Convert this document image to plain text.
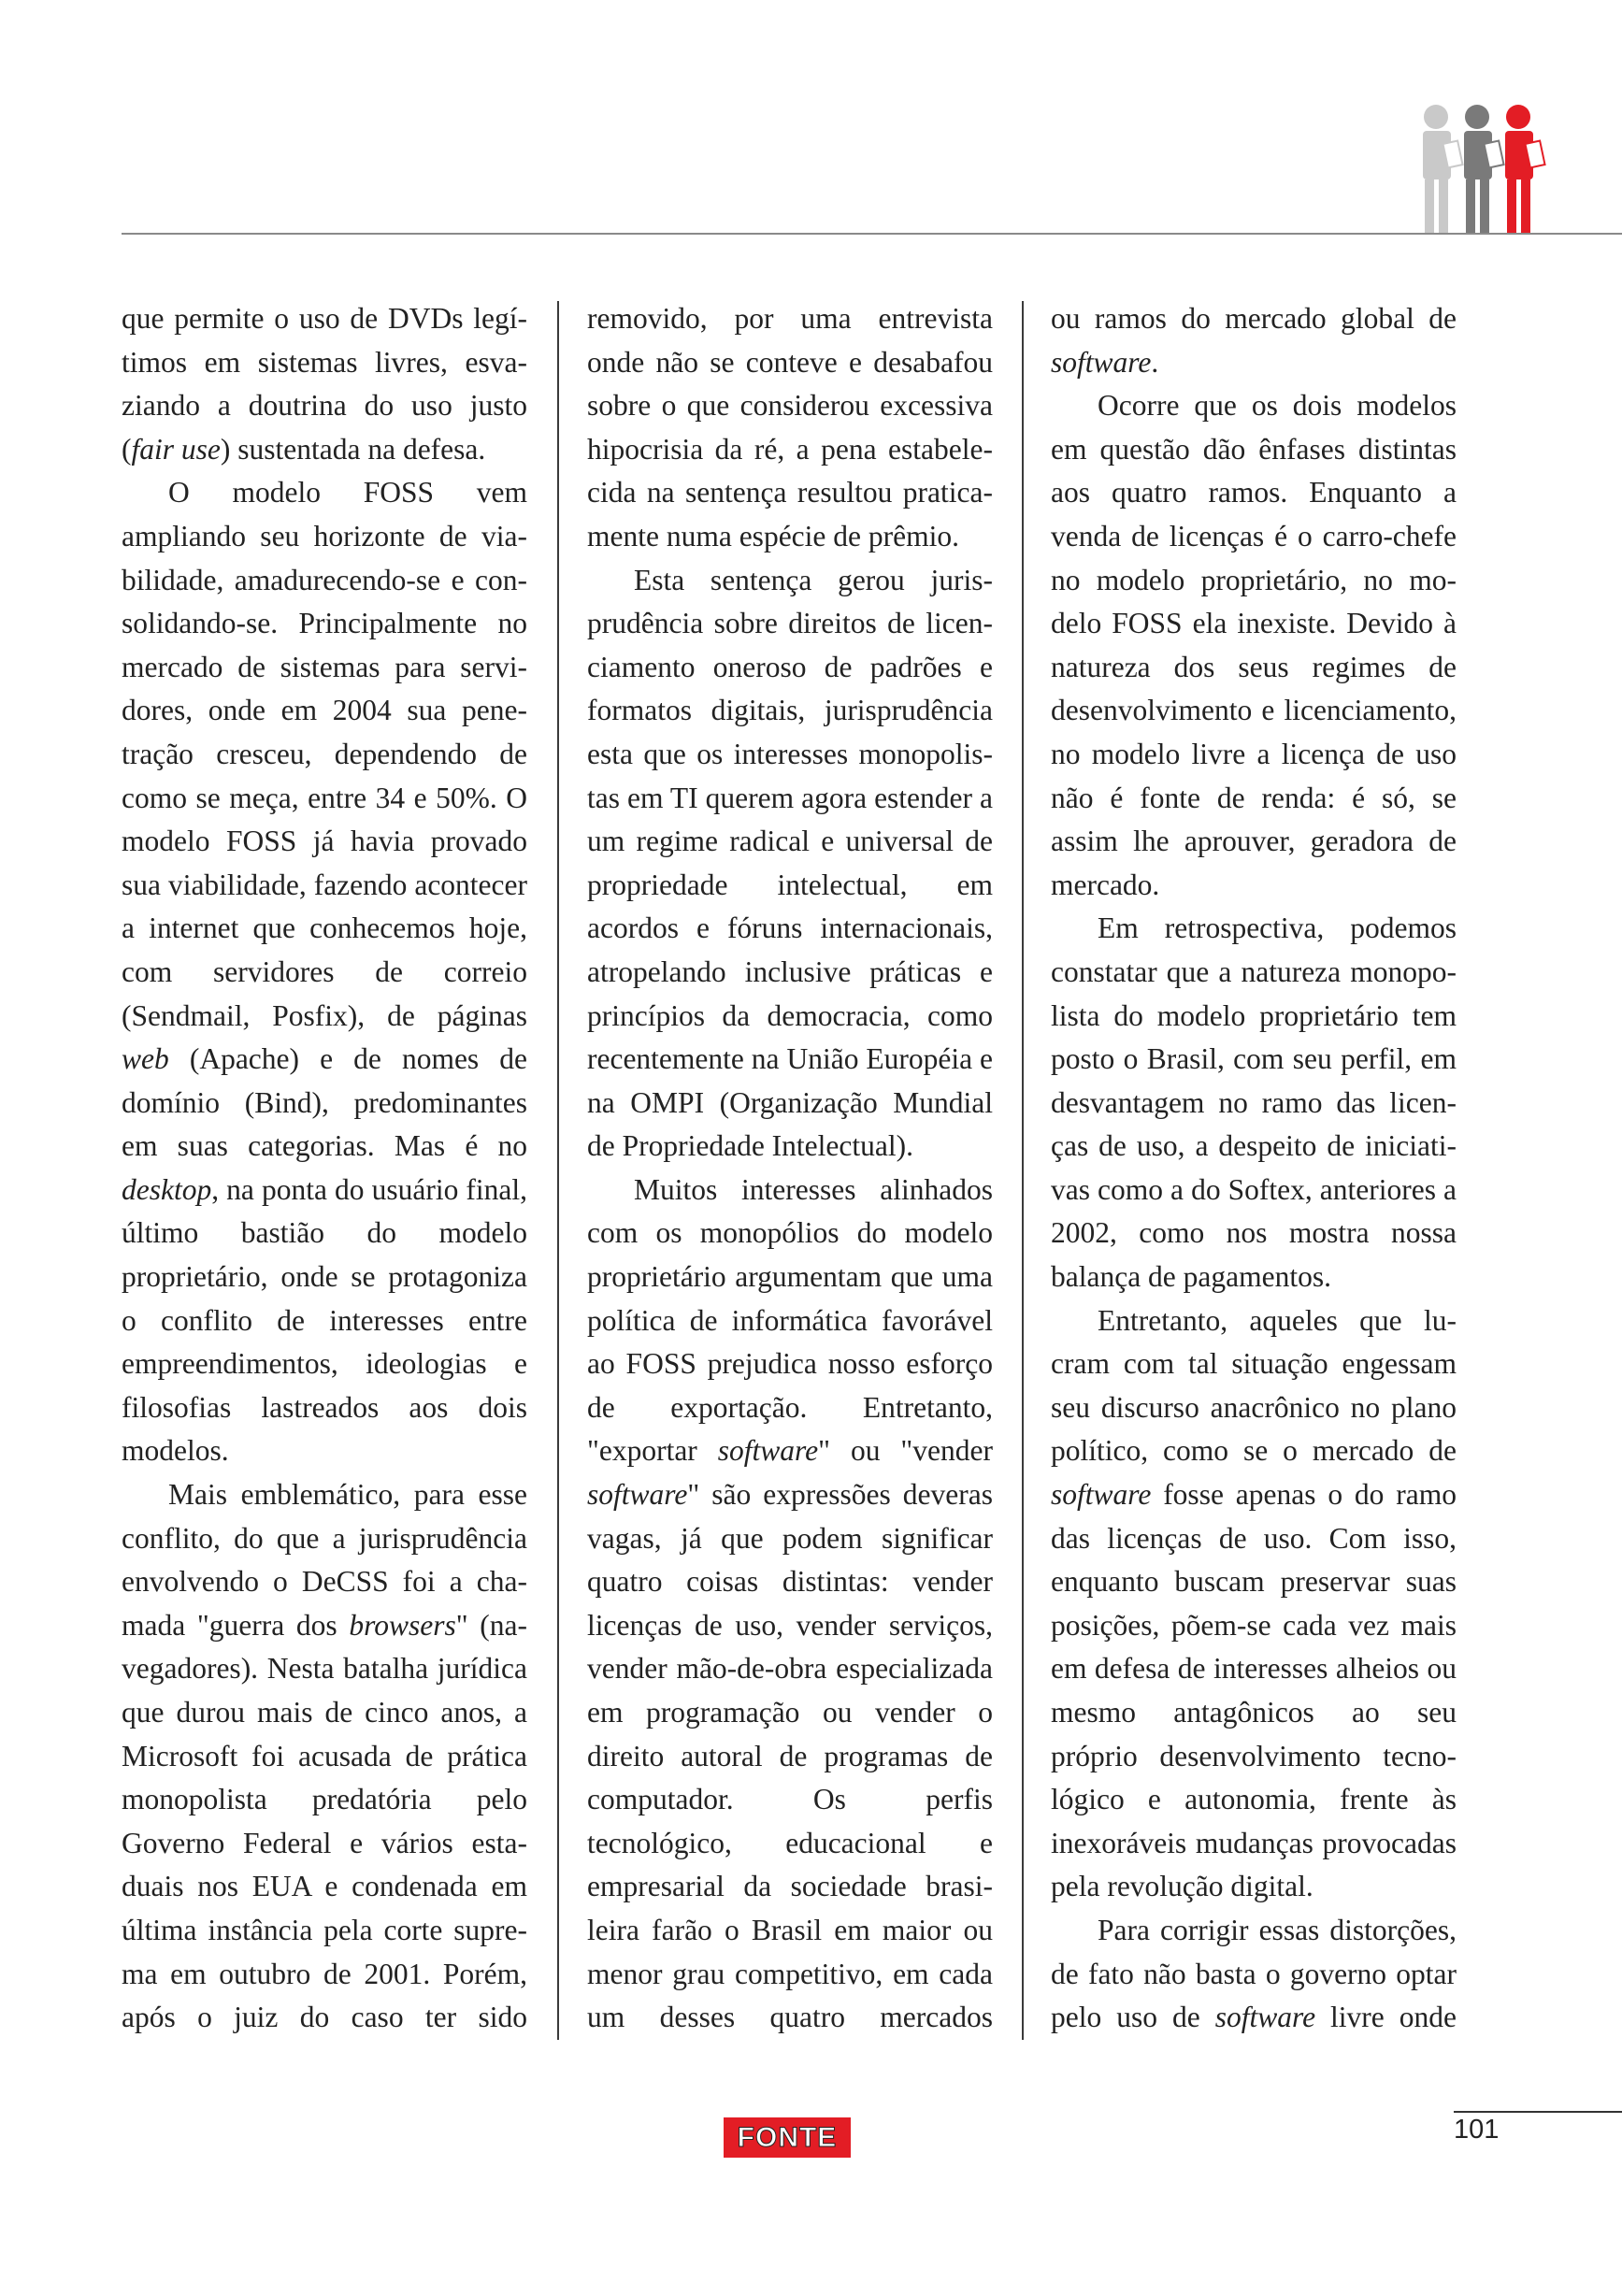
que permite o uso de DVDs legítimos em sistemas livres, esvaziando a doutrina do uso justo (fair use) sustentada na defesa.

O modelo FOSS vem ampliando seu horizonte de viabilidade, amadurecendo-se e consolidando-se. Principalmente no mercado de sistemas para servidores, onde em 2004 sua penetração cresceu, dependendo de como se meça, entre 34 e 50%. O modelo FOSS já havia provado sua viabilidade, fazendo acontecer a internet que conhecemos hoje, com servidores de correio (Sendmail, Posfix), de páginas web (Apache) e de nomes de domínio (Bind), predominantes em suas categorias. Mas é no desktop, na ponta do usuário final, último bastião do modelo proprietário, onde se protagoniza o conflito de interesses entre empreendimentos, ideologias e filosofias lastreados aos dois modelos.

Mais emblemático, para esse conflito, do que a jurisprudência envolvendo o DeCSS foi a chamada "guerra dos browsers" (navegadores). Nesta batalha jurídica que durou mais de cinco anos, a Microsoft foi acusada de prática monopolista predatória pelo Governo Federal e vários estaduais nos EUA e condenada em última instância pela corte suprema em outubro de 2001. Porém, após o juiz do caso ter sido

removido, por uma entrevista onde não se conteve e desabafou sobre o que considerou excessiva hipocrisia da ré, a pena estabelecida na sentença resultou praticamente numa espécie de prêmio.

Esta sentença gerou jurisprudência sobre direitos de licenciamento oneroso de padrões e formatos digitais, jurisprudência esta que os interesses monopolistas em TI querem agora estender a um regime radical e universal de propriedade intelectual, em acordos e fóruns internacionais, atropelando inclusive práticas e princípios da democracia, como recentemente na União Européia e na OMPI (Organização Mundial de Propriedade Intelectual).

Muitos interesses alinhados com os monopólios do modelo proprietário argumentam que uma política de informática favorável ao FOSS prejudica nosso esforço de exportação. Entretanto, "exportar software" ou "vender software" são expressões deveras vagas, já que podem significar quatro coisas distintas: vender licenças de uso, vender serviços, vender mão-de-obra especializada em programação ou vender o direito autoral de programas de computador. Os perfis tecnológico, educacional e empresarial da sociedade brasileira farão o Brasil em maior ou menor grau competitivo, em cada um desses quatro mercados

ou ramos do mercado global de software.

Ocorre que os dois modelos em questão dão ênfases distintas aos quatro ramos. Enquanto a venda de licenças é o carro-chefe no modelo proprietário, no modelo FOSS ela inexiste. Devido à natureza dos seus regimes de desenvolvimento e licenciamento, no modelo livre a licença de uso não é fonte de renda: é só, se assim lhe aprouver, geradora de mercado.

Em retrospectiva, podemos constatar que a natureza monopolista do modelo proprietário tem posto o Brasil, com seu perfil, em desvantagem no ramo das licenças de uso, a despeito de iniciativas como a do Softex, anteriores a 2002, como nos mostra nossa balança de pagamentos.

Entretanto, aqueles que lucram com tal situação engessam seu discurso anacrônico no plano político, como se o mercado de software fosse apenas o do ramo das licenças de uso. Com isso, enquanto buscam preservar suas posições, põem-se cada vez mais em defesa de interesses alheios ou mesmo antagônicos ao seu próprio desenvolvimento tecnológico e autonomia, frente às inexoráveis mudanças provocadas pela revolução digital.

Para corrigir essas distorções, de fato não basta o governo optar pelo uso de software livre onde

FONTE	101
